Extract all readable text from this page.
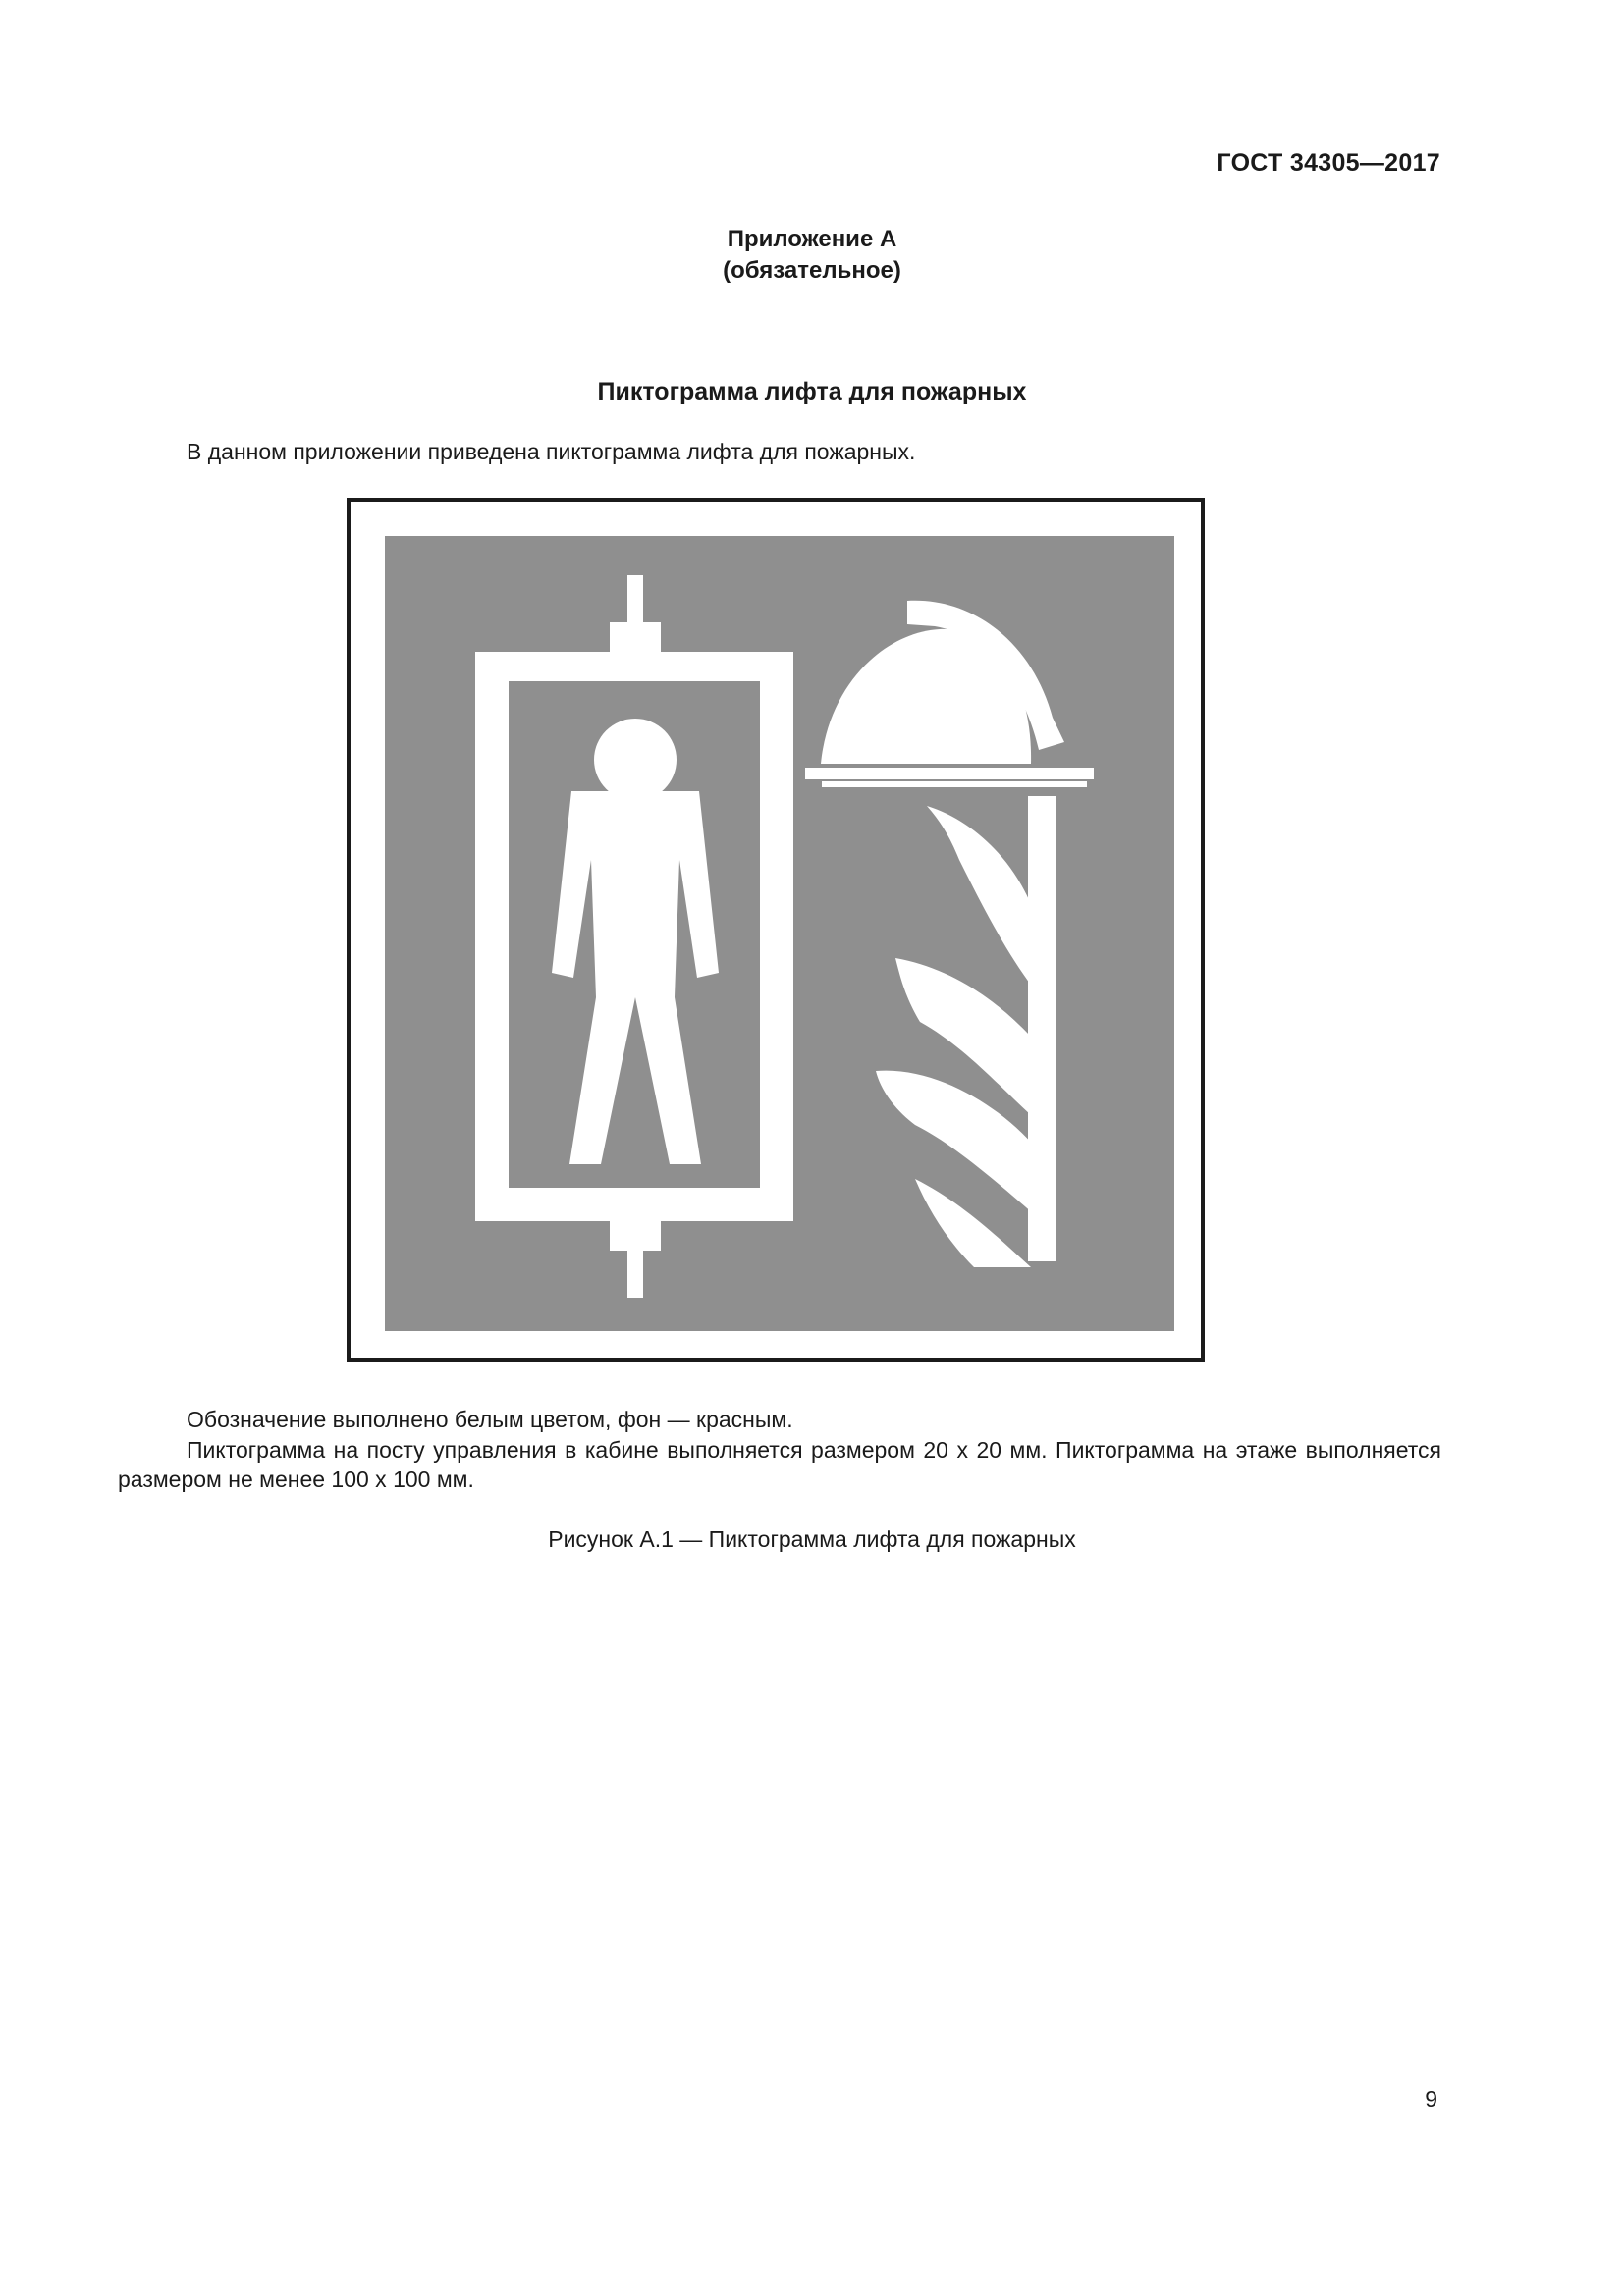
ГОСТ 34305—2017
Приложение А
(обязательное)
Пиктограмма лифта для пожарных
В данном приложении приведена пиктограмма лифта для пожарных.
Обозначение выполнено белым цветом, фон — красным.
Пиктограмма на посту управления в кабине выполняется размером 20 x 20 мм. Пиктограмма на этаже выполняется размером не менее 100 x 100 мм.
Рисунок А.1 — Пиктограмма лифта для пожарных
9
